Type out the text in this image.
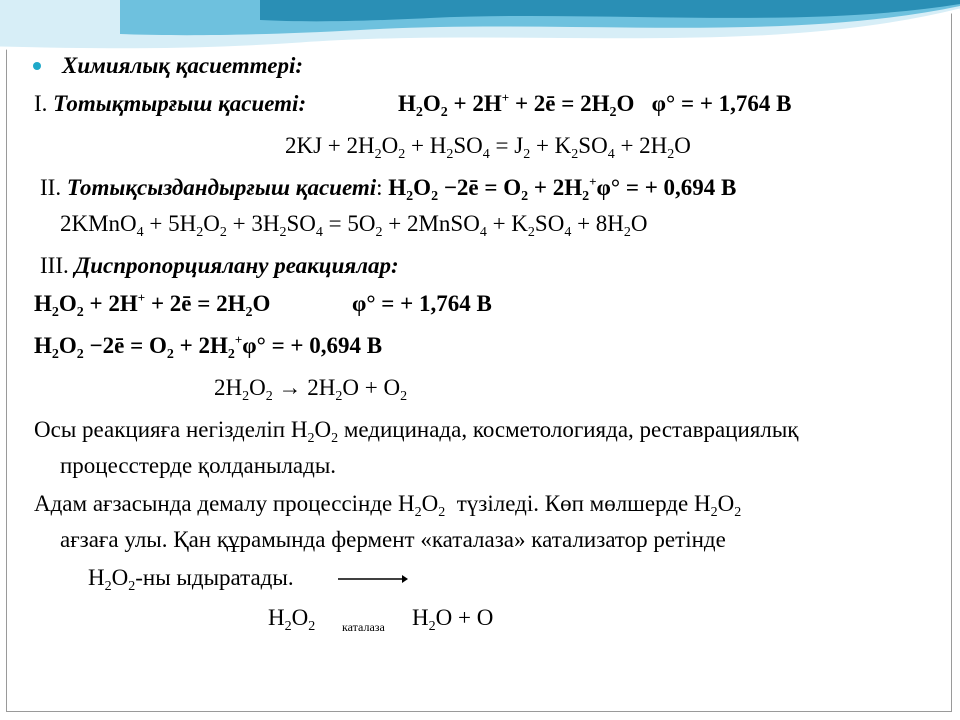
Химиялық қасиеттері:
I. Тотықтырғыш қасиеті:	$H_2O_2 + 2H^+$ + 2ē = $2H_2O$   φ° = + 1,764 В
$2KJ + 2H_2O_2 + H_2SO_4 = J_2 + K_2SO_4 + 2H_2O$
II. Тотықсыздандырғыш қасиеті: $H_2O_2$ −2ē = $O_2 + 2H_2^+\varphi^\circ$ = + 0,694 В
2KMnO$_4$ + $5H_2O_2 + 3H_2SO_4 = 5O_2$ + 2MnSO$_4$ + $K_2SO_4 + 8H_2O$
III. Диспропорциялану реакциялар:
$H_2O_2 + 2H^+$ + 2ē = $2H_2O$	φ° = + 1,764 В
$H_2O_2$ −2ē = $O_2 + 2H_2^+\varphi^\circ$ = + 0,694 В
$2H_2O_2 \to 2H_2O + O_2$
Осы реакцияға негізделіп $H_2O_2$ медицинада, косметологияда, реставрациялық
процесстерде қолданылады.
Адам ағзасында демалу процессінде $H_2O_2$  түзіледі. Көп мөлшерде $H_2O_2$
ағзаға улы. Қан құрамында фермент «каталаза» катализатор ретінде
$H_2O_2-ны$ ыдыратады.
$H_2O_2$ каталаза $H_2O + O$
